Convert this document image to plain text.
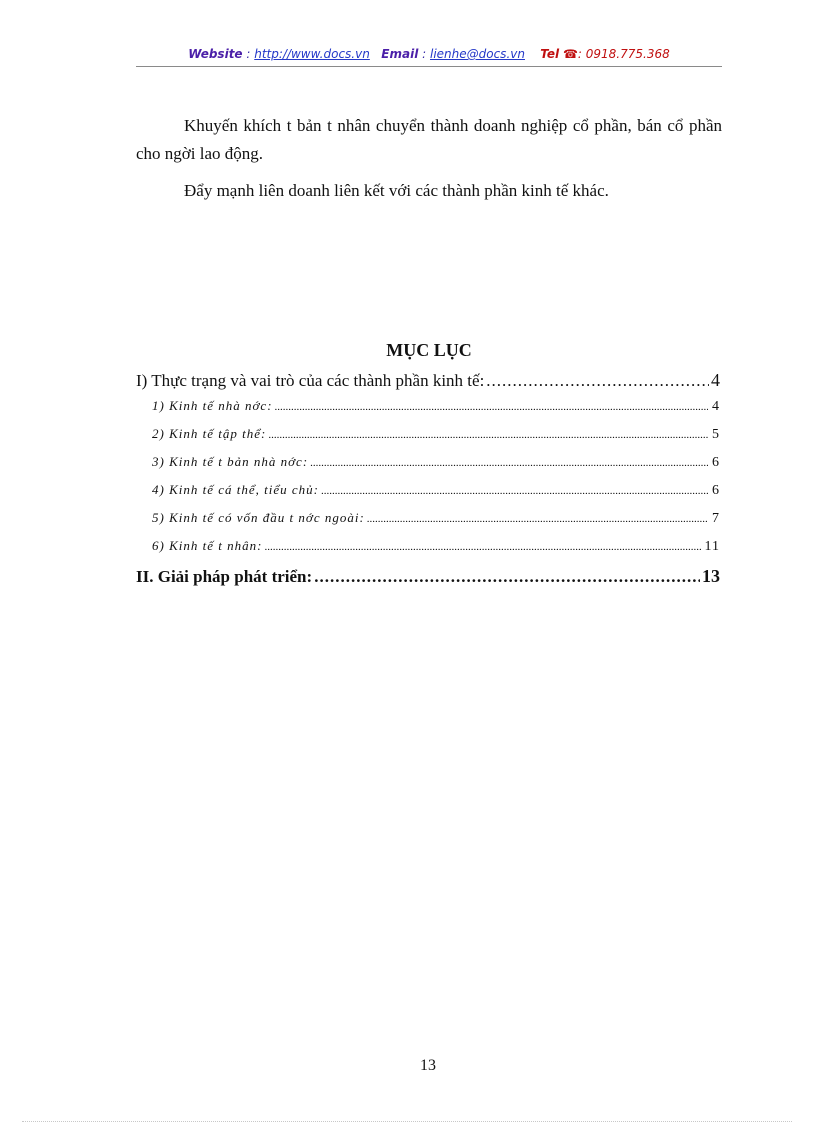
Website : http://www.docs.vn Email : lienhe@docs.vn Tel ☎: 0918.775.368

Khuyến khích t bản t nhân chuyển thành doanh nghiệp cổ phần, bán cổ phần cho ngời lao động.

Đẩy mạnh liên doanh liên kết với các thành phần kinh tế khác.

MỤC LỤC
I) Thực trạng và vai trò của các thành phần kinh tế: .....	4
1) Kinh tế nhà nớc: .....	4
2) Kinh tế tập thể: .....	5
3) Kinh tế t bản nhà nớc: .....	6
4) Kinh tế cá thể, tiểu chủ: .....	6
5) Kinh tế có vốn đầu t nớc ngoài: .....	7
6) Kinh tế t nhân: .....	11
II. Giải pháp phát triển: .....	13
13
